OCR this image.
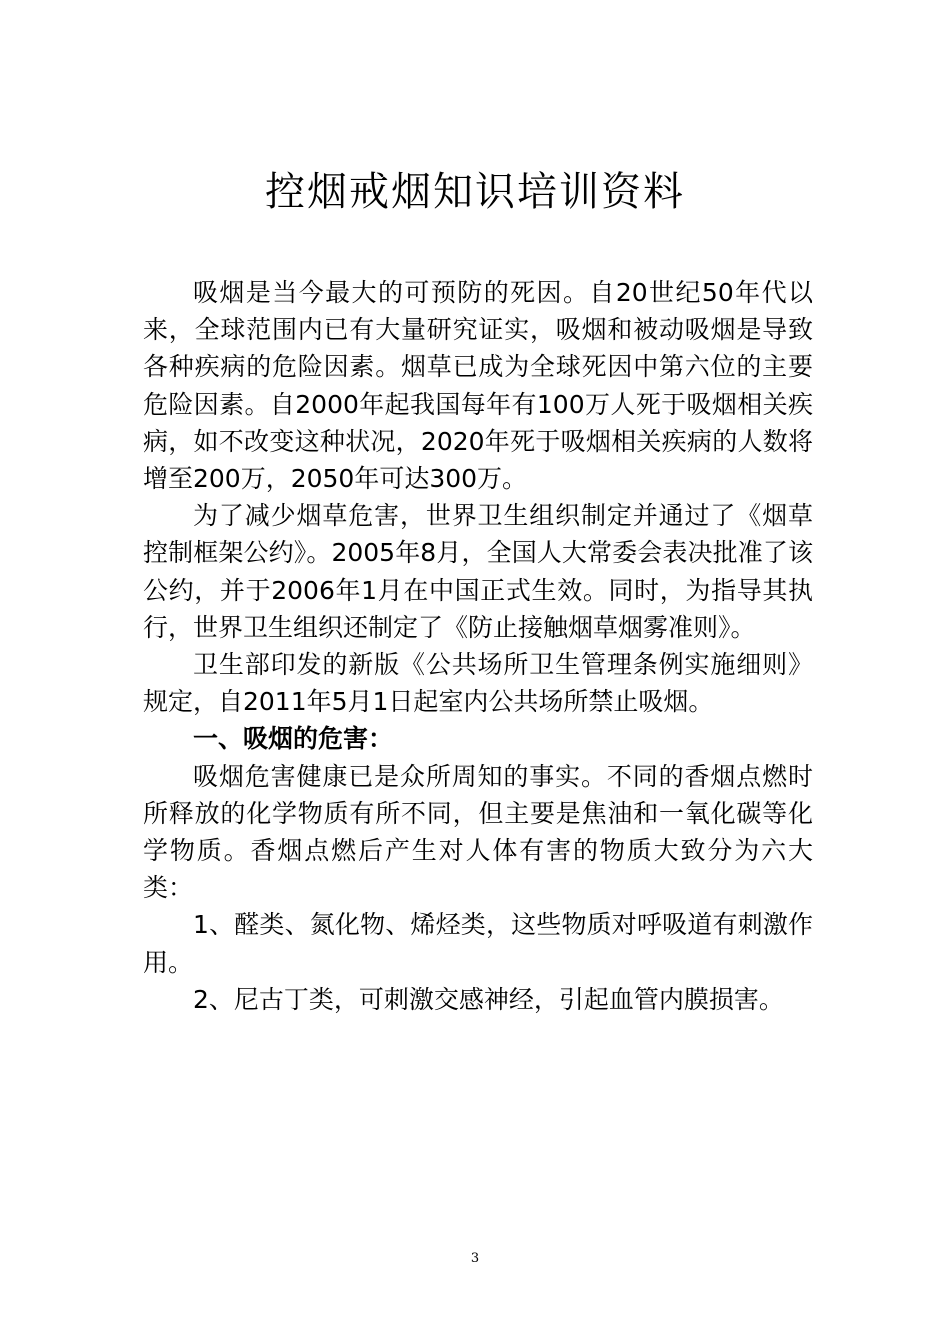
控烟戒烟知识培训资料

吸烟是当今最大的可预防的死因。自20世纪50年代以来，全球范围内已有大量研究证实，吸烟和被动吸烟是导致各种疾病的危险因素。烟草已成为全球死因中第六位的主要危险因素。自2000年起我国每年有100万人死于吸烟相关疾病，如不改变这种状况，2020年死于吸烟相关疾病的人数将增至200万，2050年可达300万。

为了减少烟草危害，世界卫生组织制定并通过了《烟草控制框架公约》。2005年8月，全国人大常委会表决批准了该公约，并于2006年1月在中国正式生效。同时，为指导其执行，世界卫生组织还制定了《防止接触烟草烟雾准则》。

卫生部印发的新版《公共场所卫生管理条例实施细则》规定，自2011年5月1日起室内公共场所禁止吸烟。

一、吸烟的危害：

吸烟危害健康已是众所周知的事实。不同的香烟点燃时所释放的化学物质有所不同，但主要是焦油和一氧化碳等化学物质。香烟点燃后产生对人体有害的物质大致分为六大类：

1、醛类、氮化物、烯烃类，这些物质对呼吸道有刺激作用。

2、尼古丁类，可刺激交感神经，引起血管内膜损害。

3
